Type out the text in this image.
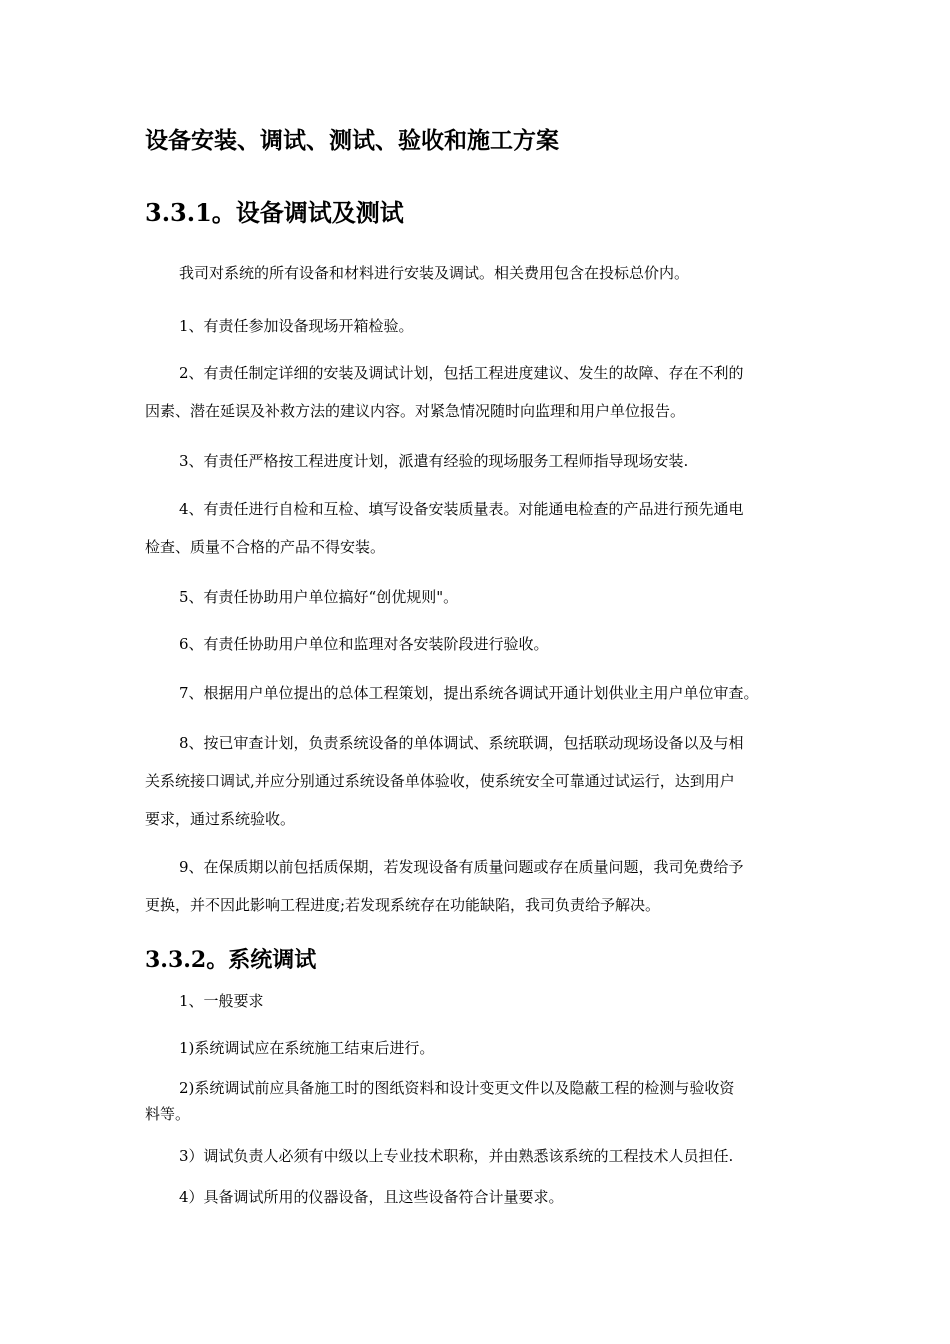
设备安装、调试、测试、验收和施工方案
3.3.1。设备调试及测试
3.3.2。系统调试
我司对系统的所有设备和材料进行安装及调试。相关费用包含在投标总价内。
1、有责任参加设备现场开箱检验。
2、有责任制定详细的安装及调试计划，包括工程进度建议、发生的故障、存在不利的
因素、潜在延误及补救方法的建议内容。对紧急情况随时向监理和用户单位报告。
3、有责任严格按工程进度计划，派遣有经验的现场服务工程师指导现场安装.
4、有责任进行自检和互检、填写设备安装质量表。对能通电检查的产品进行预先通电
检查、质量不合格的产品不得安装。
5、有责任协助用户单位搞好“创优规则"。
6、有责任协助用户单位和监理对各安装阶段进行验收。
7、根据用户单位提出的总体工程策划，提出系统各调试开通计划供业主用户单位审查。
8、按已审查计划，负责系统设备的单体调试、系统联调，包括联动现场设备以及与相
关系统接口调试,并应分别通过系统设备单体验收，使系统安全可靠通过试运行，达到用户
要求，通过系统验收。
9、在保质期以前包括质保期，若发现设备有质量问题或存在质量问题，我司免费给予
更换，并不因此影响工程进度;若发现系统存在功能缺陷，我司负责给予解决。
1、一般要求
1)系统调试应在系统施工结束后进行。
2)系统调试前应具备施工时的图纸资料和设计变更文件以及隐蔽工程的检测与验收资
料等。
3）调试负责人必须有中级以上专业技术职称，并由熟悉该系统的工程技术人员担任.
4）具备调试所用的仪器设备，且这些设备符合计量要求。
